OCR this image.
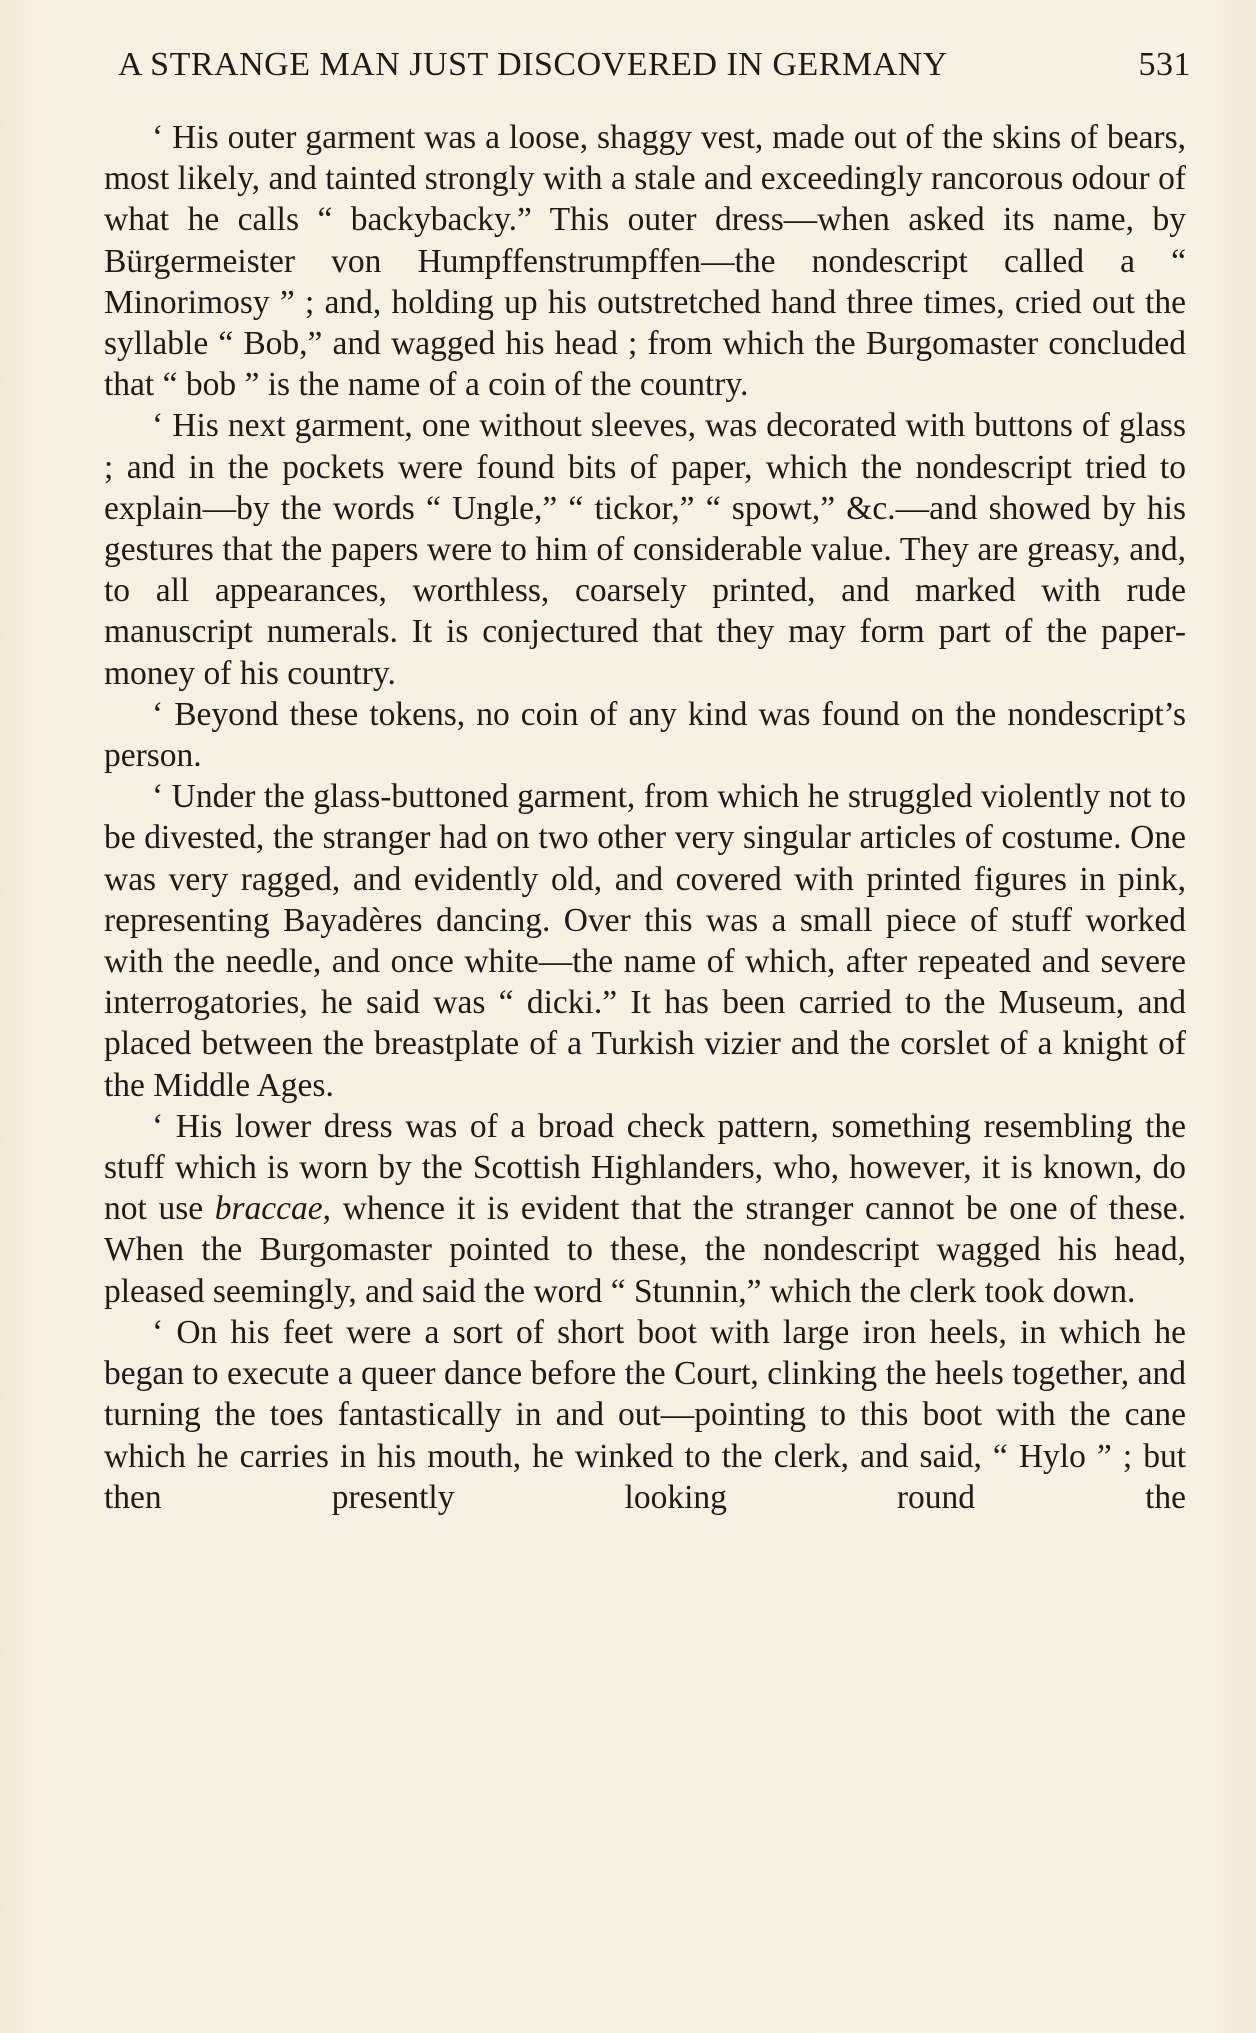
A STRANGE MAN JUST DISCOVERED IN GERMANY	531

‘ His outer garment was a loose, shaggy vest, made out of the skins of bears, most likely, and tainted strongly with a stale and exceedingly rancorous odour of what he calls “ backybacky.” This outer dress—when asked its name, by Bürgermeister von Humpffenstrumpffen—the nondescript called a “ Minorimosy ” ; and, holding up his outstretched hand three times, cried out the syllable “ Bob,” and wagged his head ; from which the Burgomaster concluded that “ bob ” is the name of a coin of the country.

‘ His next garment, one without sleeves, was decorated with buttons of glass ; and in the pockets were found bits of paper, which the nondescript tried to explain—by the words “ Ungle,” “ tickor,” “ spowt,” &c.—and showed by his gestures that the papers were to him of considerable value. They are greasy, and, to all appearances, worthless, coarsely printed, and marked with rude manuscript numerals. It is conjectured that they may form part of the paper-money of his country.

‘ Beyond these tokens, no coin of any kind was found on the nondescript’s person.

‘ Under the glass-buttoned garment, from which he struggled violently not to be divested, the stranger had on two other very singular articles of costume. One was very ragged, and evidently old, and covered with printed figures in pink, representing Bayadères dancing. Over this was a small piece of stuff worked with the needle, and once white—the name of which, after repeated and severe interrogatories, he said was “ dicki.” It has been carried to the Museum, and placed between the breastplate of a Turkish vizier and the corslet of a knight of the Middle Ages.

‘ His lower dress was of a broad check pattern, something resembling the stuff which is worn by the Scottish Highlanders, who, however, it is known, do not use braccae, whence it is evident that the stranger cannot be one of these. When the Burgomaster pointed to these, the nondescript wagged his head, pleased seemingly, and said the word “ Stunnin,” which the clerk took down.

‘ On his feet were a sort of short boot with large iron heels, in which he began to execute a queer dance before the Court, clinking the heels together, and turning the toes fantastically in and out—pointing to this boot with the cane which he carries in his mouth, he winked to the clerk, and said, “ Hylo ” ; but then presently looking round the
